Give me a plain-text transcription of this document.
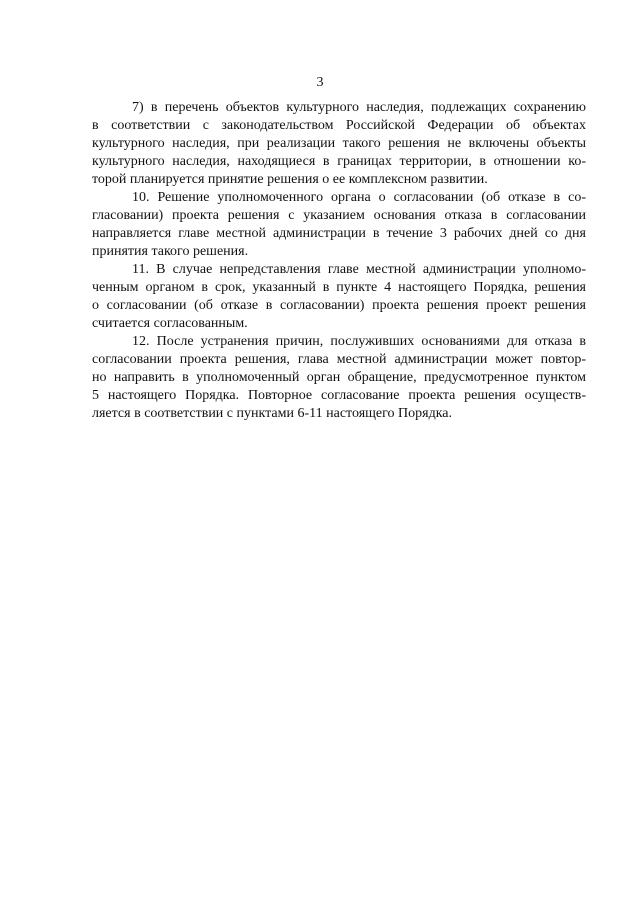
3

7) в перечень объектов культурного наследия, подлежащих сохранению
в соответствии с законодательством Российской Федерации об объектах
культурного наследия, при реализации такого решения не включены объекты
культурного наследия, находящиеся в границах территории, в отношении ко-
торой планируется принятие решения о ее комплексном развитии.

10. Решение уполномоченного органа о согласовании (об отказе в со-
гласовании) проекта решения с указанием основания отказа в согласовании
направляется главе местной администрации в течение 3 рабочих дней со дня
принятия такого решения.

11. В случае непредставления главе местной администрации уполномо-
ченным органом в срок, указанный в пункте 4 настоящего Порядка, решения
о согласовании (об отказе в согласовании) проекта решения проект решения
считается согласованным.

12. После устранения причин, послуживших основаниями для отказа в
согласовании проекта решения, глава местной администрации может повтор-
но направить в уполномоченный орган обращение, предусмотренное пунктом
5 настоящего Порядка. Повторное согласование проекта решения осуществ-
ляется в соответствии с пунктами 6-11 настоящего Порядка.
